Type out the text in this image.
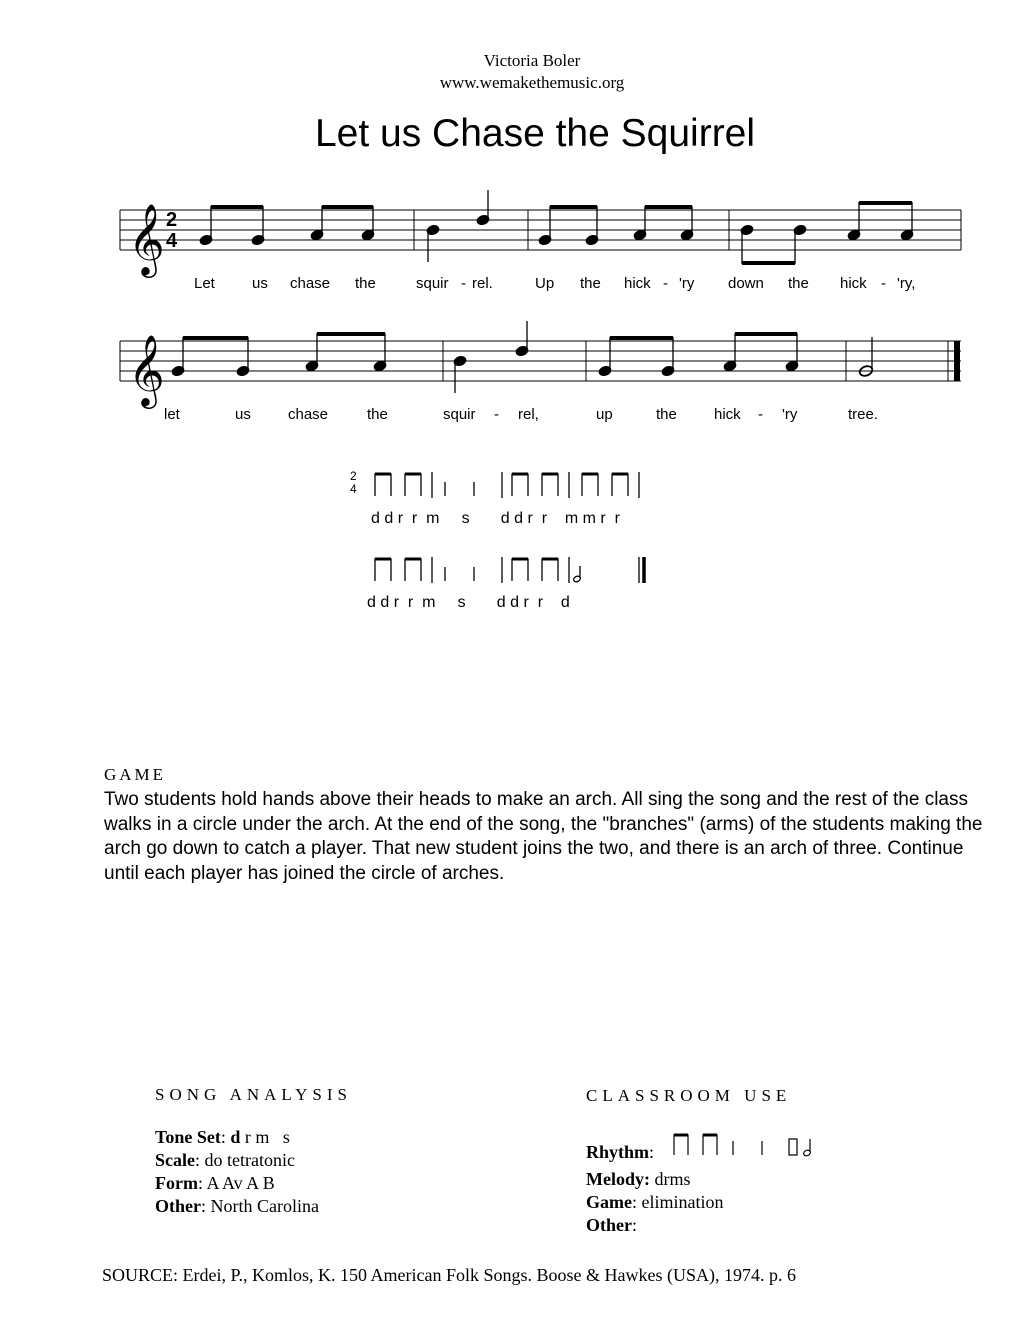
Victoria Boler
www.wemakethemusic.org
Let us Chase the Squirrel
𝄞 2
4
Let us chase the	squir - rel.	Up the hick - 'ry down the hick - 'ry,
𝄞
let	us chase	the	squir - rel,	up	the hick - 'ry	tree.
2
4
d d r  r  m     s       d d r  r    m m r  r
d d r  r  m     s       d d r  r    d
GAME
Two students hold hands above their heads to make an arch. All sing the song and the rest of the class walks in a circle under the arch. At the end of the song, the "branches" (arms) of the students making the arch go down to catch a player. That new student joins the two, and there is an arch of three. Continue until each player has joined the circle of arches.
SONG ANALYSIS
Tone Set: d r m   s
Scale: do tetratonic
Form: A Av A B
Other: North Carolina
CLASSROOM USE
Rhythm:
Melody: drms
Game: elimination
Other:
SOURCE: Erdei, P., Komlos, K. 150 American Folk Songs. Boose & Hawkes (USA), 1974. p. 6
